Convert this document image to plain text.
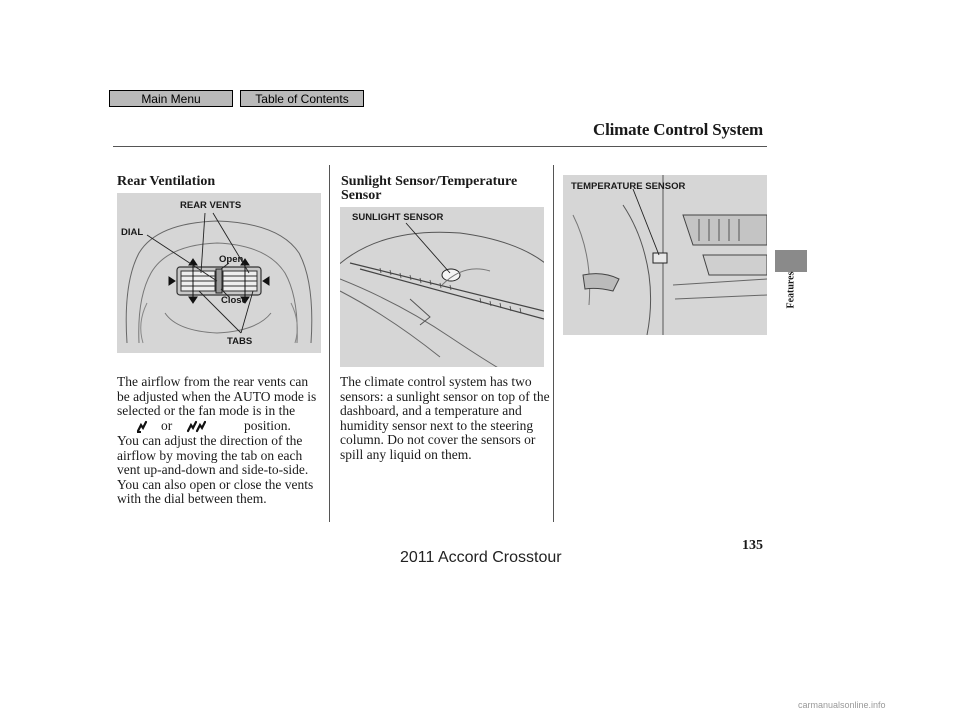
Main Menu	Table of Contents
Climate Control System
Rear Ventilation
REAR VENTS
DIAL
Open
Close
TABS
The airflow from the rear vents can
be adjusted when the AUTO mode is
selected or the fan mode is in the
or	position.
You can adjust the direction of the airflow by moving the tab on each vent up-and-down and side-to-side. You can also open or close the vents with the dial between them.
Sunlight Sensor/Temperature Sensor
SUNLIGHT SENSOR
The climate control system has two sensors: a sunlight sensor on top of the dashboard, and a temperature and humidity sensor next to the steering column. Do not cover the sensors or spill any liquid on them.
TEMPERATURE SENSOR
Features
135
2011 Accord Crosstour
carmanualsonline.info
